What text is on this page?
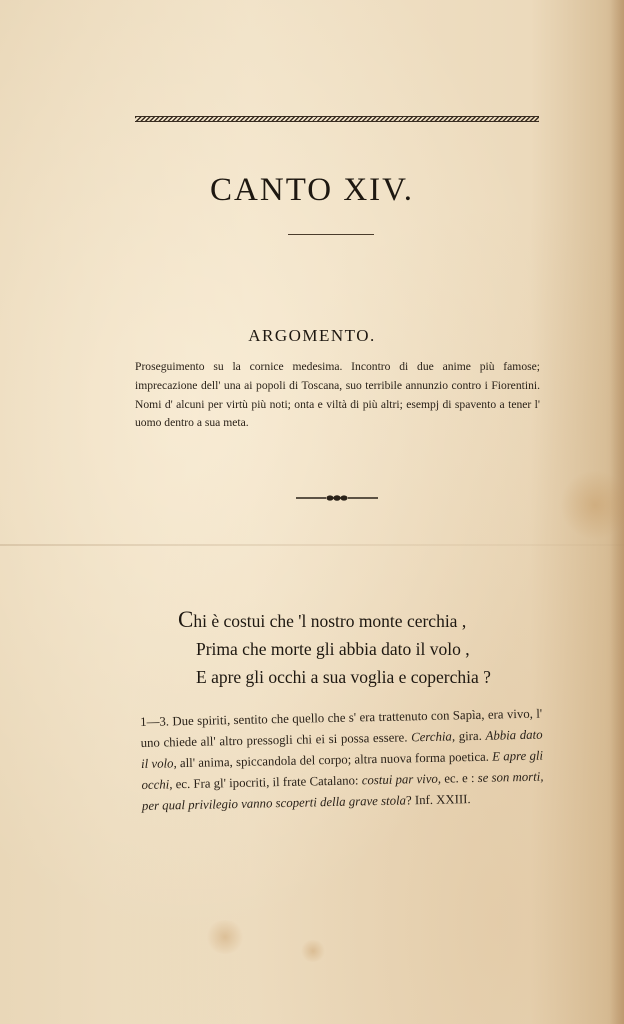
CANTO XIV.
ARGOMENTO.

Proseguimento su la cornice medesima. Incontro di due anime più famose; imprecazione dell' una ai popoli di Toscana, suo terribile annunzio contro i Fiorentini. Nomi d' alcuni per virtù più noti; onta e viltà di più altri; esempj di spavento a tener l' uomo dentro a sua meta.

Chi è costui che 'l nostro monte cerchia ,
Prima che morte gli abbia dato il volo ,
E apre gli occhi a sua voglia e coperchia ?

1—3. Due spiriti, sentito che quello che s' era trattenuto con Sapìa, era vivo, l' uno chiede all' altro pressogli chi ei si possa essere. Cerchia, gira. Abbia dato il volo, all' anima, spiccandola del corpo; altra nuova forma poetica. E apre gli occhi, ec. Fra gl' ipocriti, il frate Catalano: costui par vivo, ec. e : se son morti, per qual privilegio vanno scoperti della grave stola? Inf. XXIII.
